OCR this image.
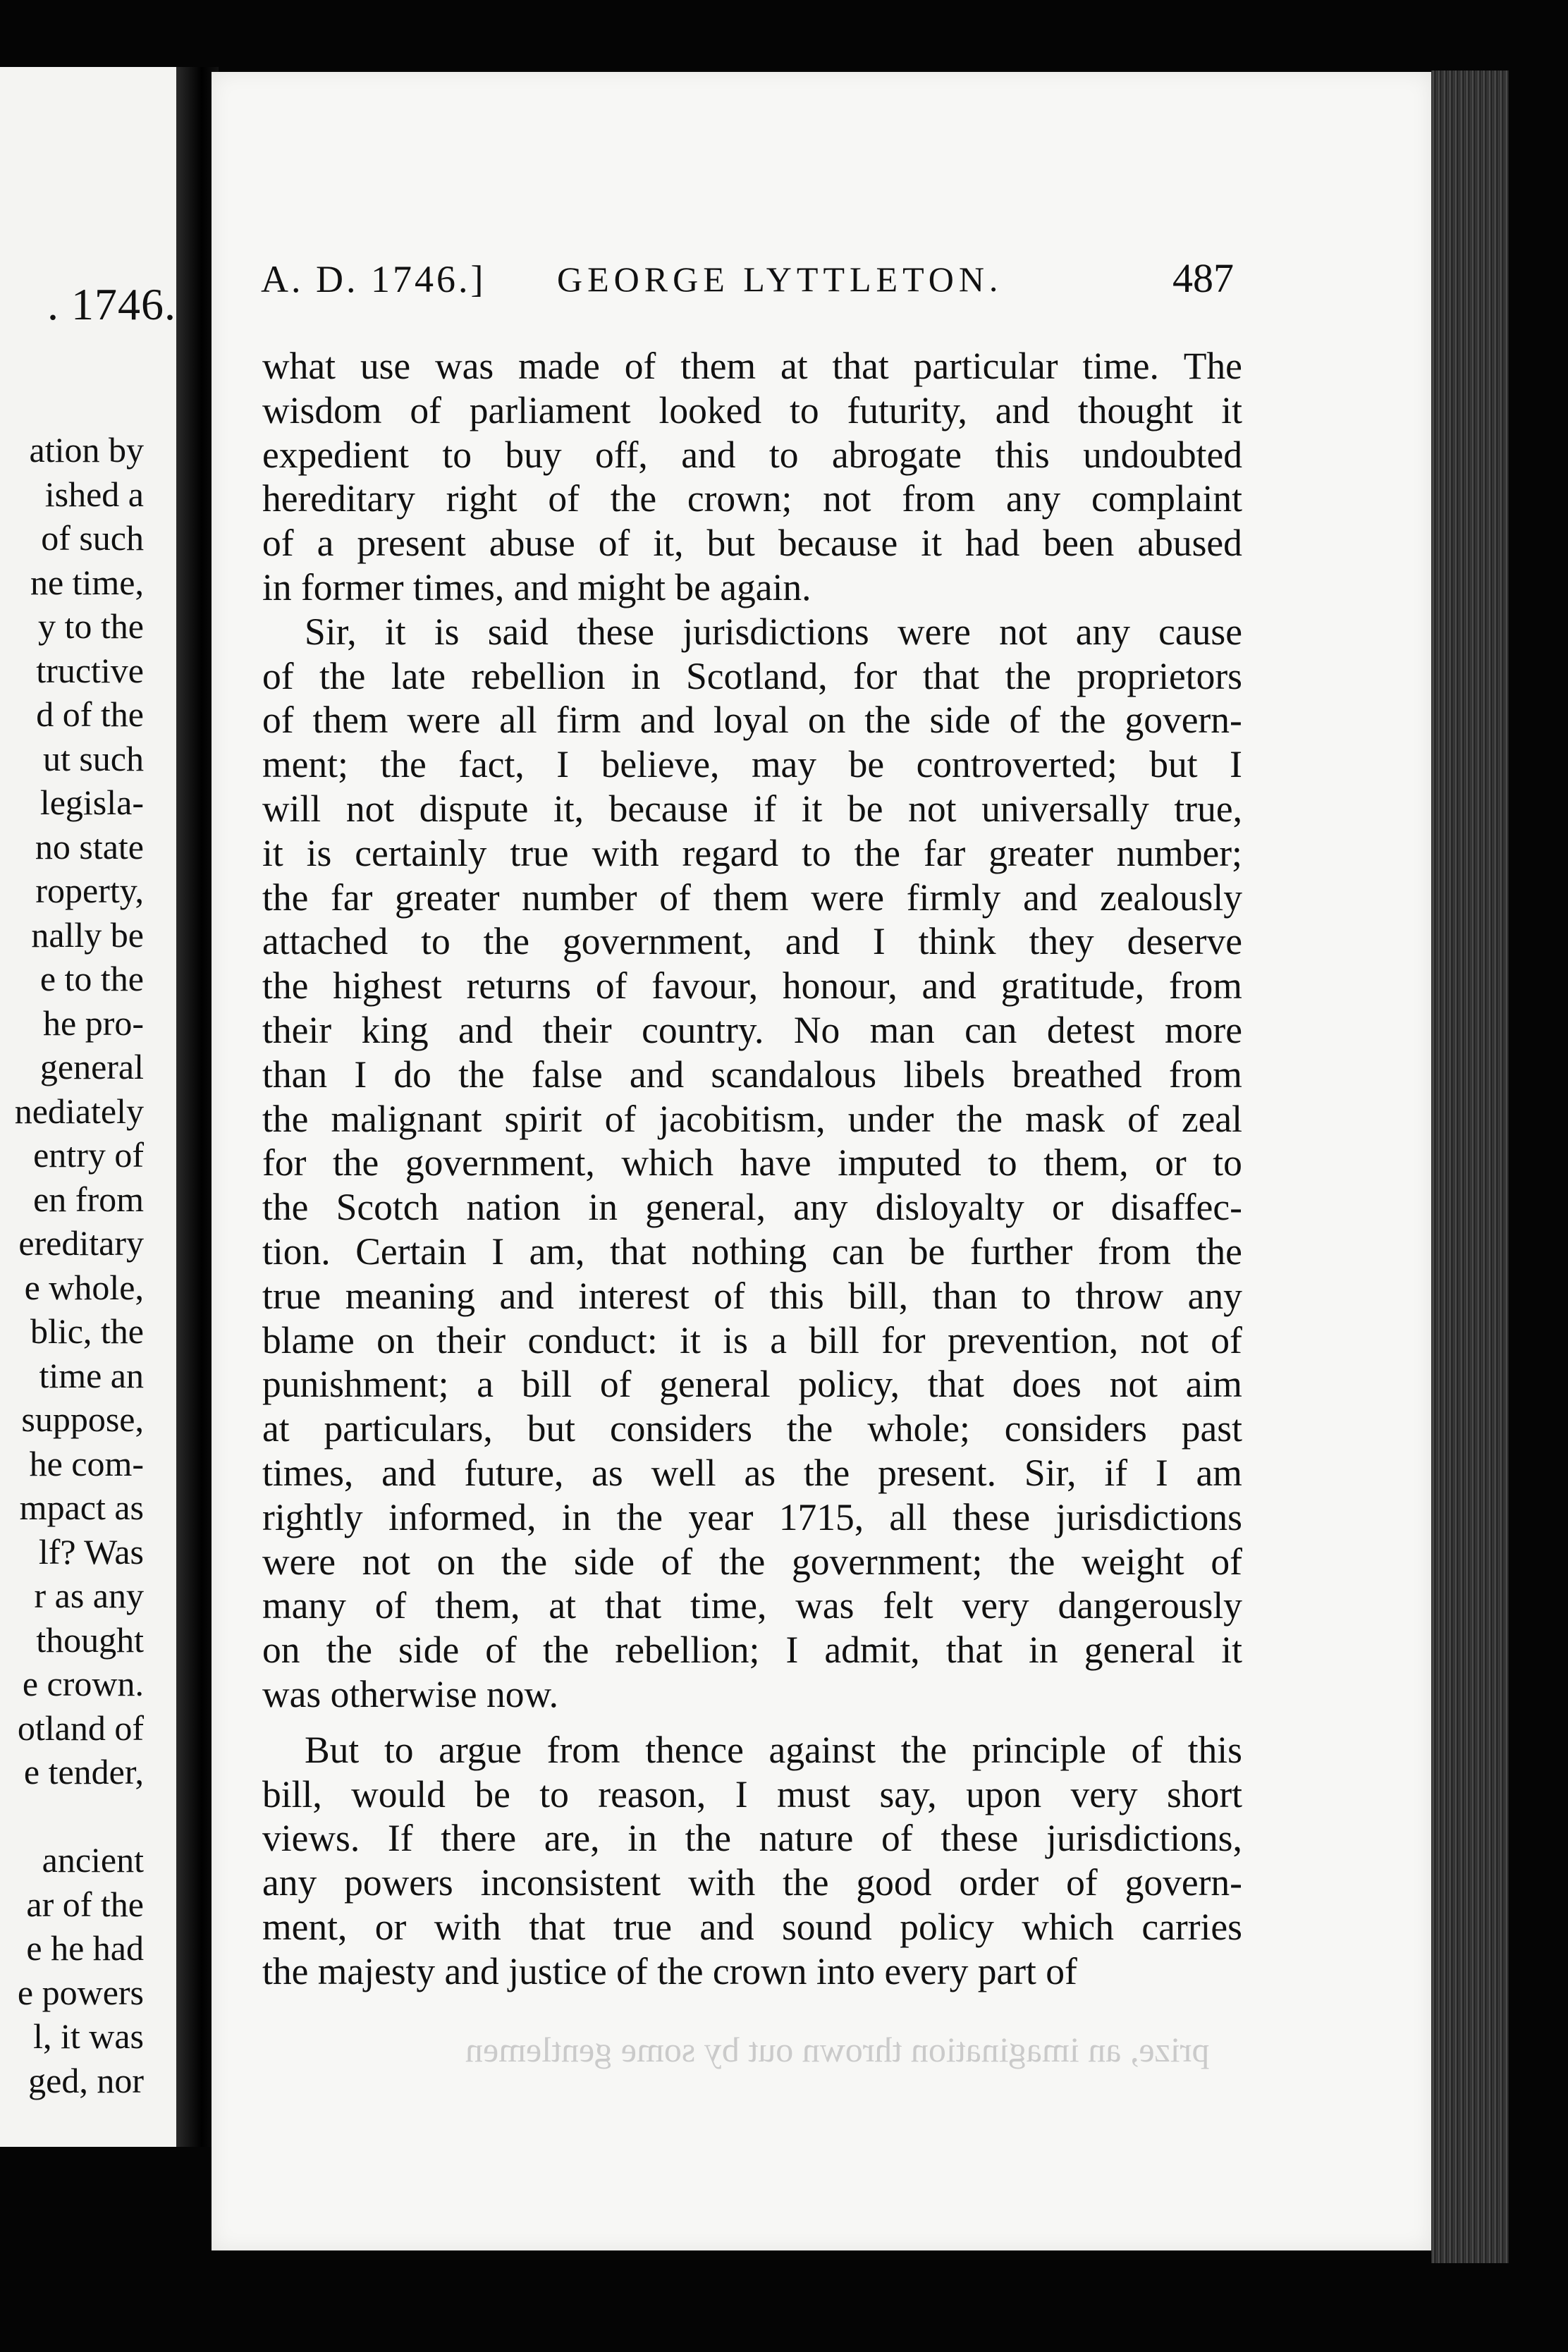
. 1746.
ation by
ished a
of such
ne time,
y to the
tructive
d of the
ut such
legisla-
no state
roperty,
nally be
e to the
he pro-
general
nediately
entry of
en from
ereditary
e whole,
blic, the
time an
suppose,
he com-
mpact as
lf? Was
r as any
thought
e crown.
otland of
e tender,
ancient
ar of the
e he had
e powers
l, it was
ged, nor
A. D. 1746.] GEORGE LYTTLETON.	487
what use was made of them at that particular time. The
wisdom of parliament looked to futurity, and thought it
expedient to buy off, and to abrogate this undoubted
hereditary right of the crown; not from any complaint
of a present abuse of it, but because it had been abused
in former times, and might be again.
Sir, it is said these jurisdictions were not any cause
of the late rebellion in Scotland, for that the proprietors
of them were all firm and loyal on the side of the govern-
ment; the fact, I believe, may be controverted; but I
will not dispute it, because if it be not universally true,
it is certainly true with regard to the far greater number;
the far greater number of them were firmly and zealously
attached to the government, and I think they deserve
the highest returns of favour, honour, and gratitude, from
their king and their country. No man can detest more
than I do the false and scandalous libels breathed from
the malignant spirit of jacobitism, under the mask of zeal
for the government, which have imputed to them, or to
the Scotch nation in general, any disloyalty or disaffec-
tion. Certain I am, that nothing can be further from the
true meaning and interest of this bill, than to throw any
blame on their conduct: it is a bill for prevention, not of
punishment; a bill of general policy, that does not aim
at particulars, but considers the whole; considers past
times, and future, as well as the present. Sir, if I am
rightly informed, in the year 1715, all these jurisdictions
were not on the side of the government; the weight of
many of them, at that time, was felt very dangerously
on the side of the rebellion; I admit, that in general it
was otherwise now.
But to argue from thence against the principle of this
bill, would be to reason, I must say, upon very short
views. If there are, in the nature of these jurisdictions,
any powers inconsistent with the good order of govern-
ment, or with that true and sound policy which carries
the majesty and justice of the crown into every part of
prize, an imagination thrown out by some gentlemen
